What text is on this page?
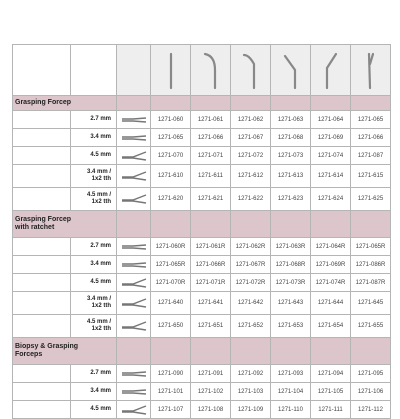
Grasping Forcep								
	2.7 mm		1271-060	1271-061	1271-062	1271-063	1271-064	1271-065
	3.4 mm		1271-065	1271-066	1271-067	1271-068	1271-069	1271-066
	4.5 mm		1271-070	1271-071	1271-072	1271-073	1271-074	1271-087
	3.4 mm /
1x2 tth		1271-610	1271-611	1271-612	1271-613	1271-614	1271-615
	4.5 mm /
1x2 tth		1271-620	1271-621	1271-622	1271-623	1271-624	1271-625
Grasping Forcep
with ratchet								
	2.7 mm		1271-060R	1271-061R	1271-062R	1271-063R	1271-064R	1271-065R
	3.4 mm		1271-065R	1271-066R	1271-067R	1271-068R	1271-069R	1271-086R
	4.5 mm		1271-070R	1271-071R	1271-072R	1271-073R	1271-074R	1271-087R
	3.4 mm /
1x2 tth		1271-640	1271-641	1271-642	1271-643	1271-644	1271-645
	4.5 mm /
1x2 tth		1271-650	1271-651	1271-652	1271-653	1271-654	1271-655
Biopsy & Grasping
Forceps								
	2.7 mm		1271-090	1271-091	1271-092	1271-093	1271-094	1271-095
	3.4 mm		1271-101	1271-102	1271-103	1271-104	1271-105	1271-106
	4.5 mm		1271-107	1271-108	1271-109	1271-110	1271-111	1271-112
